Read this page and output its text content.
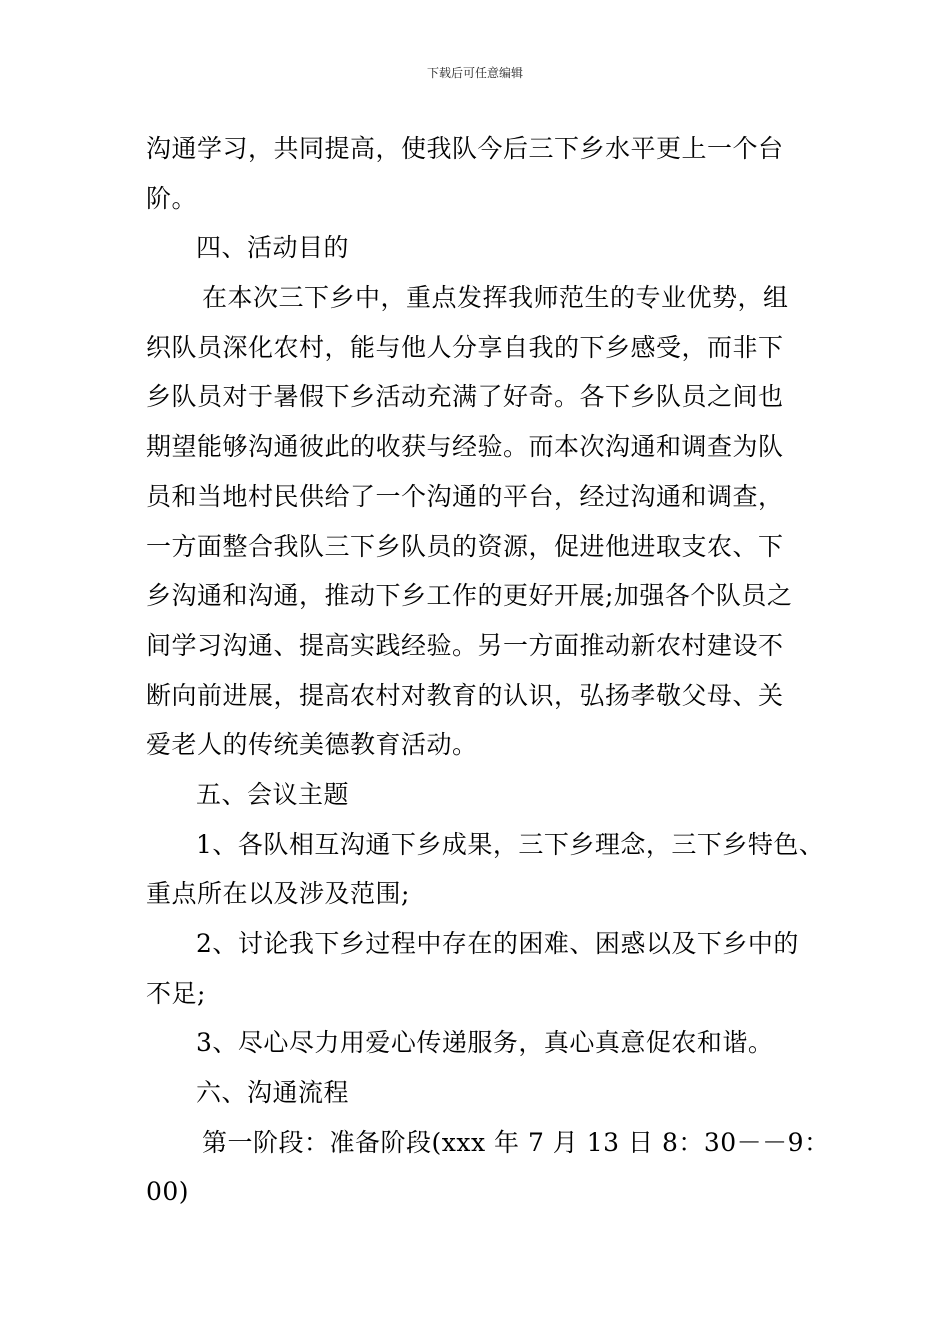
下载后可任意编辑
沟通学习，共同提高，使我队今后三下乡水平更上一个台
阶。
四、活动目的
在本次三下乡中，重点发挥我师范生的专业优势，组
织队员深化农村，能与他人分享自我的下乡感受，而非下
乡队员对于暑假下乡活动充满了好奇。各下乡队员之间也
期望能够沟通彼此的收获与经验。而本次沟通和调查为队
员和当地村民供给了一个沟通的平台，经过沟通和调查，
一方面整合我队三下乡队员的资源，促进他进取支农、下
乡沟通和沟通，推动下乡工作的更好开展;加强各个队员之
间学习沟通、提高实践经验。另一方面推动新农村建设不
断向前进展，提高农村对教育的认识，弘扬孝敬父母、关
爱老人的传统美德教育活动。
五、会议主题
1、各队相互沟通下乡成果，三下乡理念，三下乡特色、
重点所在以及涉及范围;
2、讨论我下乡过程中存在的困难、困惑以及下乡中的
不足;
3、尽心尽力用爱心传递服务，真心真意促农和谐。
六、沟通流程
第一阶段：准备阶段(xxx 年 7 月 13 日 8：30－－9：
00)
